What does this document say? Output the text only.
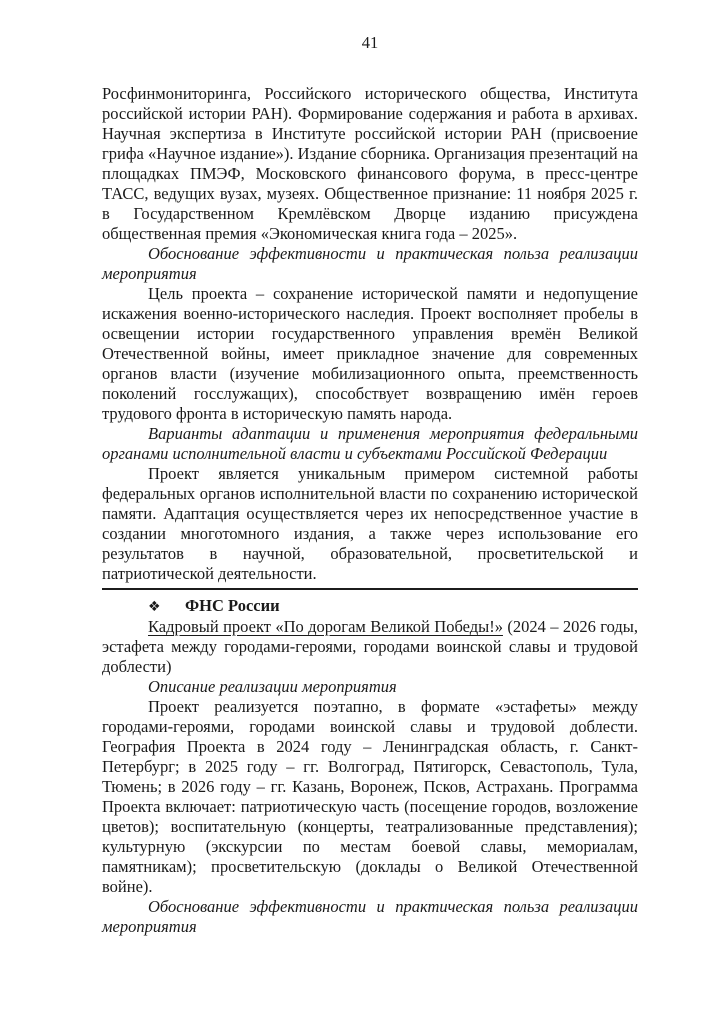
41

Росфинмониторинга, Российского исторического общества, Института российской истории РАН). Формирование содержания и работа в архивах. Научная экспертиза в Институте российской истории РАН (присвоение грифа «Научное издание»). Издание сборника. Организация презентаций на площадках ПМЭФ, Московского финансового форума, в пресс-центре ТАСС, ведущих вузах, музеях. Общественное признание: 11 ноября 2025 г. в Государственном Кремлёвском Дворце изданию присуждена общественная премия «Экономическая книга года – 2025».

Обоснование эффективности и практическая польза реализации мероприятия

Цель проекта – сохранение исторической памяти и недопущение искажения военно-исторического наследия. Проект восполняет пробелы в освещении истории государственного управления времён Великой Отечественной войны, имеет прикладное значение для современных органов власти (изучение мобилизационного опыта, преемственность поколений госслужащих), способствует возвращению имён героев трудового фронта в историческую память народа.

Варианты адаптации и применения мероприятия федеральными органами исполнительной власти и субъектами Российской Федерации

Проект является уникальным примером системной работы федеральных органов исполнительной власти по сохранению исторической памяти. Адаптация осуществляется через их непосредственное участие в создании многотомного издания, а также через использование его результатов в научной, образовательной, просветительской и патриотической деятельности.

❖ ФНС России

Кадровый проект «По дорогам Великой Победы!» (2024 – 2026 годы, эстафета между городами-героями, городами воинской славы и трудовой доблести)

Описание реализации мероприятия

Проект реализуется поэтапно, в формате «эстафеты» между городами-героями, городами воинской славы и трудовой доблести. География Проекта в 2024 году – Ленинградская область, г. Санкт-Петербург; в 2025 году – гг. Волгоград, Пятигорск, Севастополь, Тула, Тюмень; в 2026 году – гг. Казань, Воронеж, Псков, Астрахань. Программа Проекта включает: патриотическую часть (посещение городов, возложение цветов); воспитательную (концерты, театрализованные представления); культурную (экскурсии по местам боевой славы, мемориалам, памятникам); просветительскую (доклады о Великой Отечественной войне).

Обоснование эффективности и практическая польза реализации мероприятия
